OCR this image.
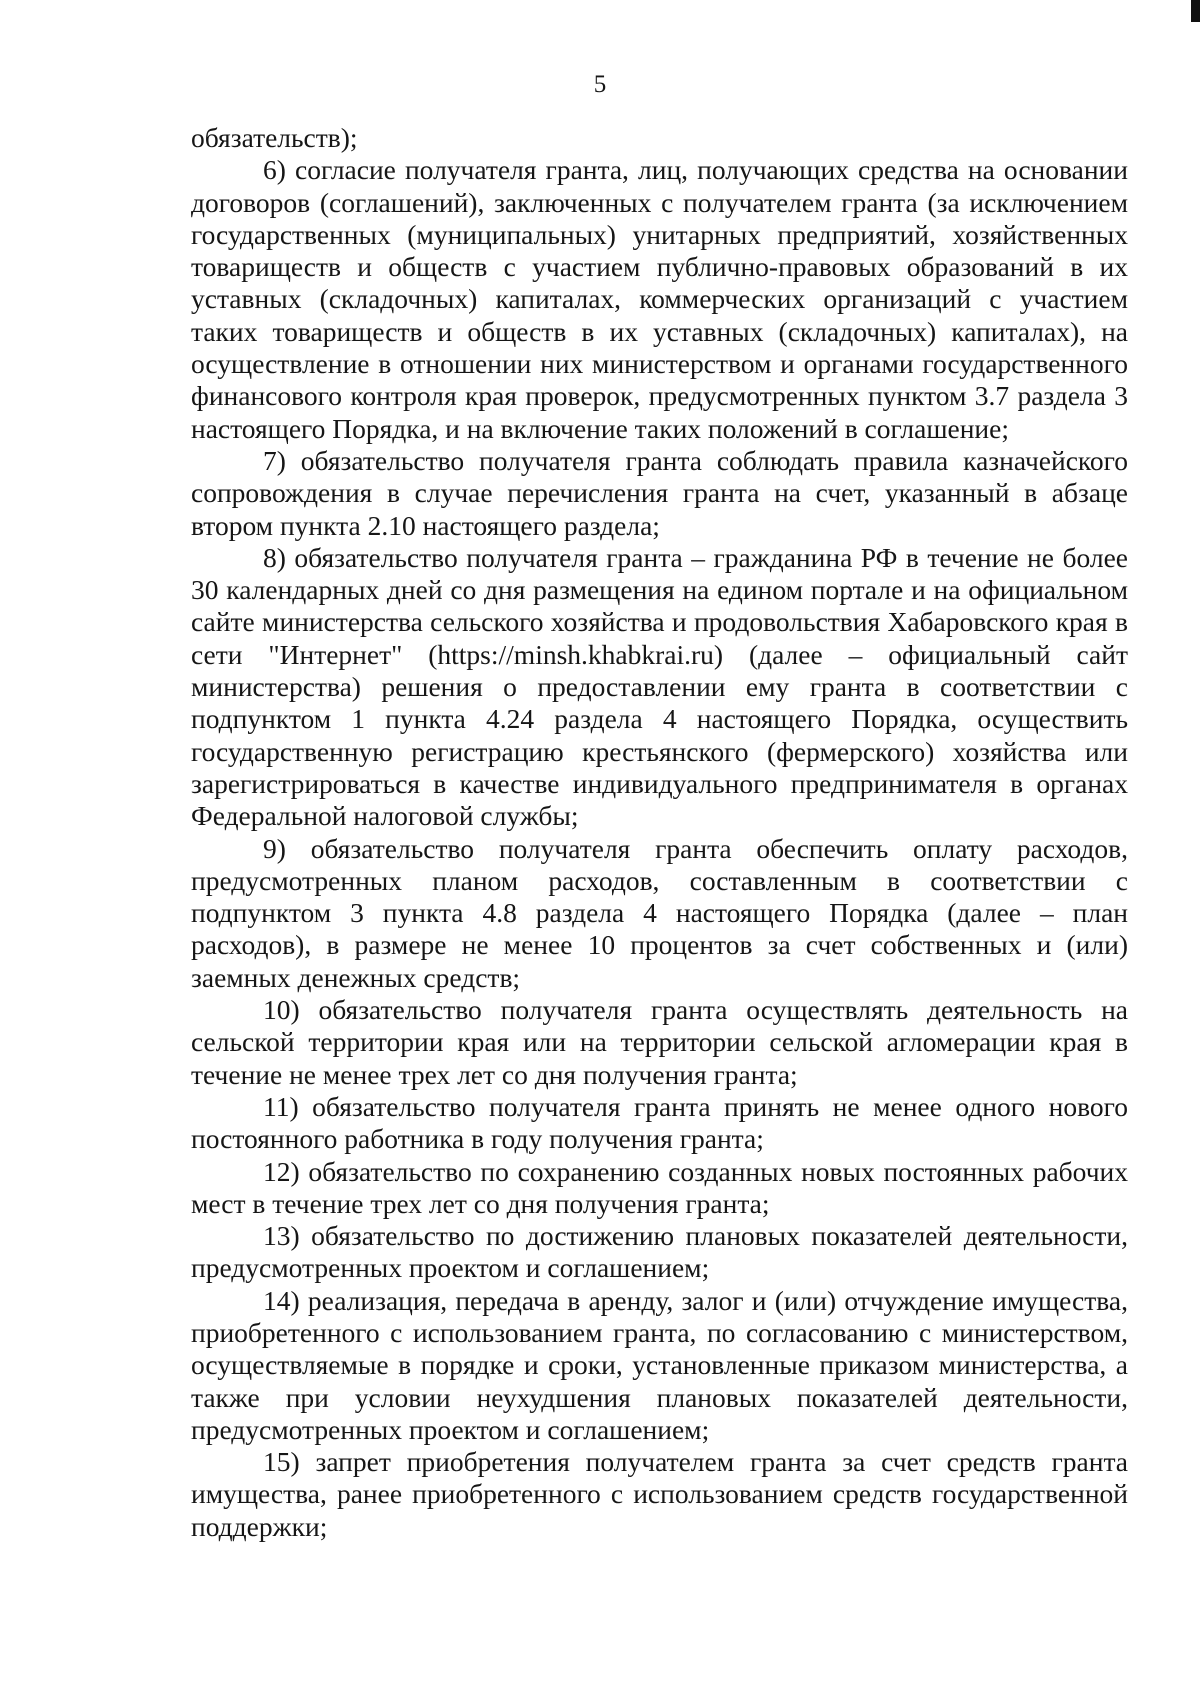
5

обязательств);

6) согласие получателя гранта, лиц, получающих средства на основании договоров (соглашений), заключенных с получателем гранта (за исключением государственных (муниципальных) унитарных предприятий, хозяйственных товариществ и обществ с участием публично-правовых образований в их уставных (складочных) капиталах, коммерческих организаций с участием таких товариществ и обществ в их уставных (складочных) капиталах), на осуществление в отношении них министерством и органами государственного финансового контроля края проверок, предусмотренных пунктом 3.7 раздела 3 настоящего Порядка, и на включение таких положений в соглашение;

7) обязательство получателя гранта соблюдать правила казначейского сопровождения в случае перечисления гранта на счет, указанный в абзаце втором пункта 2.10 настоящего раздела;

8) обязательство получателя гранта – гражданина РФ в течение не более 30 календарных дней со дня размещения на едином портале и на официальном сайте министерства сельского хозяйства и продовольствия Хабаровского края в сети "Интернет" (https://minsh.khabkrai.ru) (далее – официальный сайт министерства) решения о предоставлении ему гранта в соответствии с подпунктом 1 пункта 4.24 раздела 4 настоящего Порядка, осуществить государственную регистрацию крестьянского (фермерского) хозяйства или зарегистрироваться в качестве индивидуального предпринимателя в органах Федеральной налоговой службы;

9) обязательство получателя гранта обеспечить оплату расходов, предусмотренных планом расходов, составленным в соответствии с подпунктом 3 пункта 4.8 раздела 4 настоящего Порядка (далее – план расходов), в размере не менее 10 процентов за счет собственных и (или) заемных денежных средств;

10) обязательство получателя гранта осуществлять деятельность на сельской территории края или на территории сельской агломерации края в течение не менее трех лет со дня получения гранта;

11) обязательство получателя гранта принять не менее одного нового постоянного работника в году получения гранта;

12) обязательство по сохранению созданных новых постоянных рабочих мест в течение трех лет со дня получения гранта;

13) обязательство по достижению плановых показателей деятельности, предусмотренных проектом и соглашением;

14) реализация, передача в аренду, залог и (или) отчуждение имущества, приобретенного с использованием гранта, по согласованию с министерством, осуществляемые в порядке и сроки, установленные приказом министерства, а также при условии неухудшения плановых показателей деятельности, предусмотренных проектом и соглашением;

15) запрет приобретения получателем гранта за счет средств гранта имущества, ранее приобретенного с использованием средств государственной поддержки;
